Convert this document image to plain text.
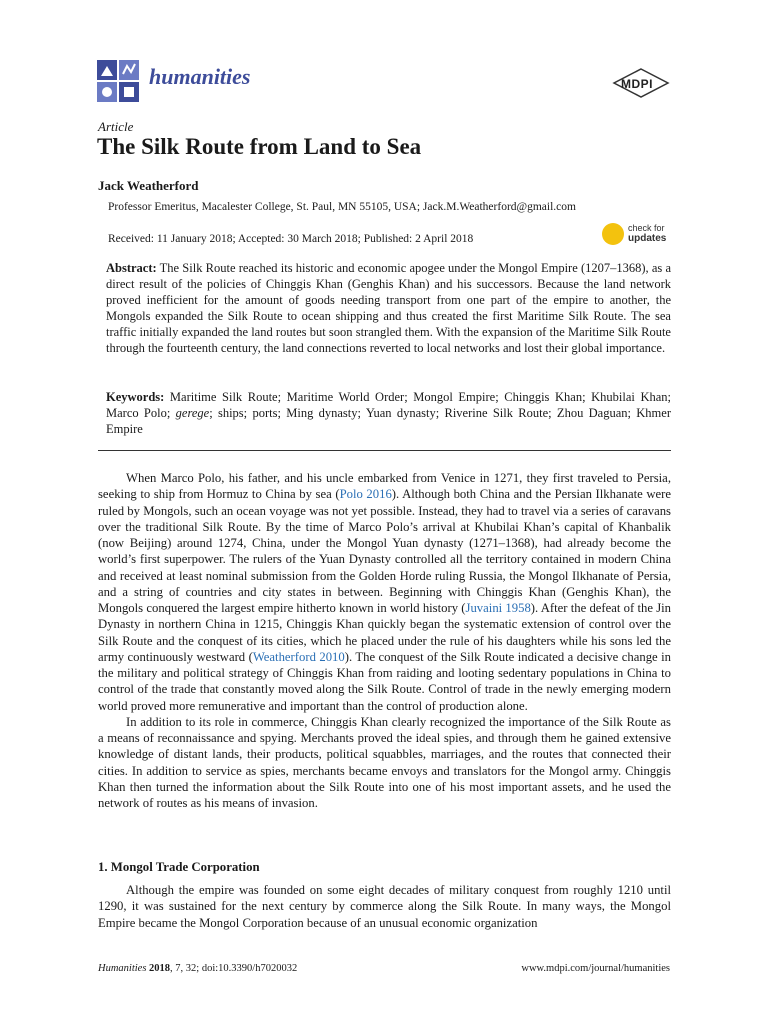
humanities	MDPI
Article
The Silk Route from Land to Sea
Jack Weatherford
Professor Emeritus, Macalester College, St. Paul, MN 55105, USA; Jack.M.Weatherford@gmail.com
Received: 11 January 2018; Accepted: 30 March 2018; Published: 2 April 2018
check for
updates
Abstract: The Silk Route reached its historic and economic apogee under the Mongol Empire (1207–1368), as a direct result of the policies of Chinggis Khan (Genghis Khan) and his successors. Because the land network proved inefficient for the amount of goods needing transport from one part of the empire to another, the Mongols expanded the Silk Route to ocean shipping and thus created the first Maritime Silk Route. The sea traffic initially expanded the land routes but soon strangled them. With the expansion of the Maritime Silk Route through the fourteenth century, the land connections reverted to local networks and lost their global importance.
Keywords: Maritime Silk Route; Maritime World Order; Mongol Empire; Chinggis Khan; Khubilai Khan; Marco Polo; gerege; ships; ports; Ming dynasty; Yuan dynasty; Riverine Silk Route; Zhou Daguan; Khmer Empire

When Marco Polo, his father, and his uncle embarked from Venice in 1271, they first traveled to Persia, seeking to ship from Hormuz to China by sea (Polo 2016). Although both China and the Persian Ilkhanate were ruled by Mongols, such an ocean voyage was not yet possible. Instead, they had to travel via a series of caravans over the traditional Silk Route. By the time of Marco Polo’s arrival at Khubilai Khan’s capital of Khanbalik (now Beijing) around 1274, China, under the Mongol Yuan dynasty (1271–1368), had already become the world’s first superpower. The rulers of the Yuan Dynasty controlled all the territory contained in modern China and received at least nominal submission from the Golden Horde ruling Russia, the Mongol Ilkhanate of Persia, and a string of countries and city states in between. Beginning with Chinggis Khan (Genghis Khan), the Mongols conquered the largest empire hitherto known in world history (Juvaini 1958). After the defeat of the Jin Dynasty in northern China in 1215, Chinggis Khan quickly began the systematic extension of control over the Silk Route and the conquest of its cities, which he placed under the rule of his daughters while his sons led the army continuously westward (Weatherford 2010). The conquest of the Silk Route indicated a decisive change in the military and political strategy of Chinggis Khan from raiding and looting sedentary populations in China to control of the trade that constantly moved along the Silk Route. Control of trade in the newly emerging modern world proved more remunerative and important than the control of production alone.

In addition to its role in commerce, Chinggis Khan clearly recognized the importance of the Silk Route as a means of reconnaissance and spying. Merchants proved the ideal spies, and through them he gained extensive knowledge of distant lands, their products, political squabbles, marriages, and the routes that connected their cities. In addition to service as spies, merchants became envoys and translators for the Mongol army. Chinggis Khan then turned the information about the Silk Route into one of his most important assets, and he used the network of routes as his means of invasion.

1. Mongol Trade Corporation

Although the empire was founded on some eight decades of military conquest from roughly 1210 until 1290, it was sustained for the next century by commerce along the Silk Route. In many ways, the Mongol Empire became the Mongol Corporation because of an unusual economic organization

Humanities 2018, 7, 32; doi:10.3390/h7020032	www.mdpi.com/journal/humanities
